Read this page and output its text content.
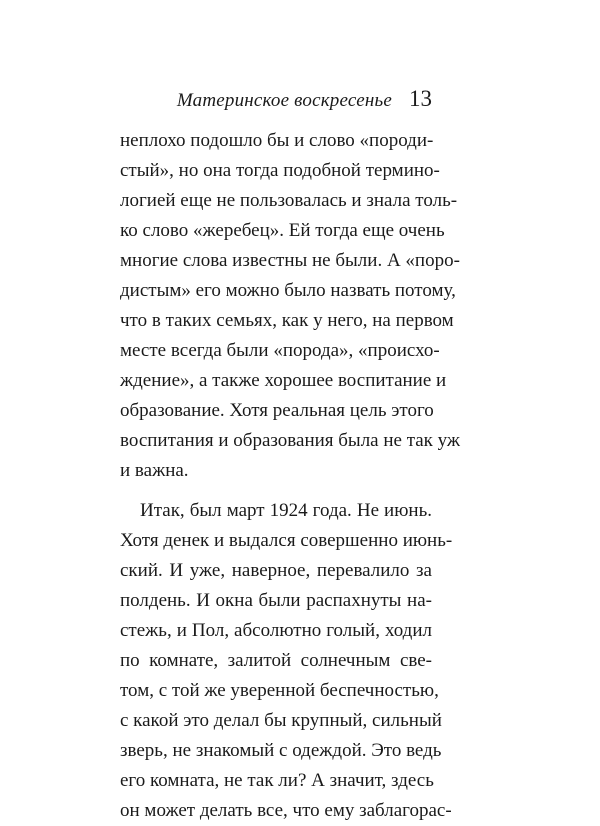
Материнское воскресенье 13
неплохо подошло бы и слово «породи-
стый», но она тогда подобной термино-
логией еще не пользовалась и знала толь-
ко слово «жеребец». Ей тогда еще очень
многие слова известны не были. А «поро-
дистым» его можно было назвать потому,
что в таких семьях, как у него, на первом
месте всегда были «порода», «происхо-
ждение», а также хорошее воспитание и
образование. Хотя реальная цель этого
воспитания и образования была не так уж
и важна.
Итак, был март 1924 года. Не июнь.
Хотя денек и выдался совершенно июнь-
ский. И уже, наверное, перевалило за
полдень. И окна были распахнуты на-
стежь, и Пол, абсолютно голый, ходил
по комнате, залитой солнечным све-
том, с той же уверенной беспечностью,
с какой это делал бы крупный, сильный
зверь, не знакомый с одеждой. Это ведь
его комната, не так ли? А значит, здесь
он может делать все, что ему заблагорас-
